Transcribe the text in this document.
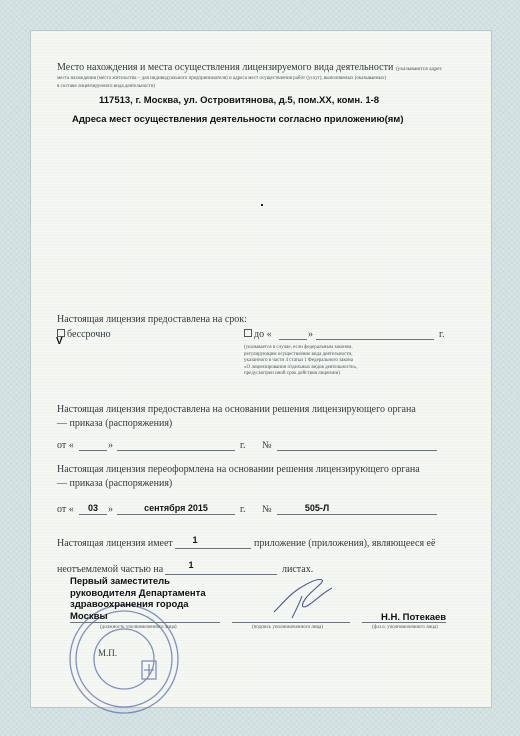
Место нахождения и места осуществления лицензируемого вида деятельности (указываются адрес
места нахождения (места жительства – для индивидуального предпринимателя) и адреса мест осуществления работ (услуг), выполняемых (оказываемых)
в составе лицензируемого вида деятельности)
117513, г. Москва, ул. Островитянова, д.5, пом.XX, комн. 1-8
Адреса мест осуществления деятельности согласно приложению(ям)
Настоящая лицензия предоставлена на срок:
бессрочно
V
до «	»	г.
(указывается в случае, если федеральным законом,
регулирующим осуществление вида деятельности,
указанного в части 4 статьи 1 Федерального закона
«О лицензировании отдельных видов деятельности»,
предусмотрен иной срок действия лицензии)
Настоящая лицензия предоставлена на основании решения лицензирующего органа
— приказа (распоряжения)
от «	»	г. №
Настоящая лицензия переоформлена на основании решения лицензирующего органа
— приказа (распоряжения)
от «	03	»	сентября 2015	г. №	505-Л
Настоящая лицензия имеет	1	приложение (приложения), являющееся её
неотъемлемой частью на	1	листах.
М.П.
Первый заместитель
руководителя Департамента
здравоохранения города
Москвы
(должность уполномоченного лица)	(подпись уполномоченного лица)
Н.Н. Потекаев
(ф.и.о. уполномоченного лица)
